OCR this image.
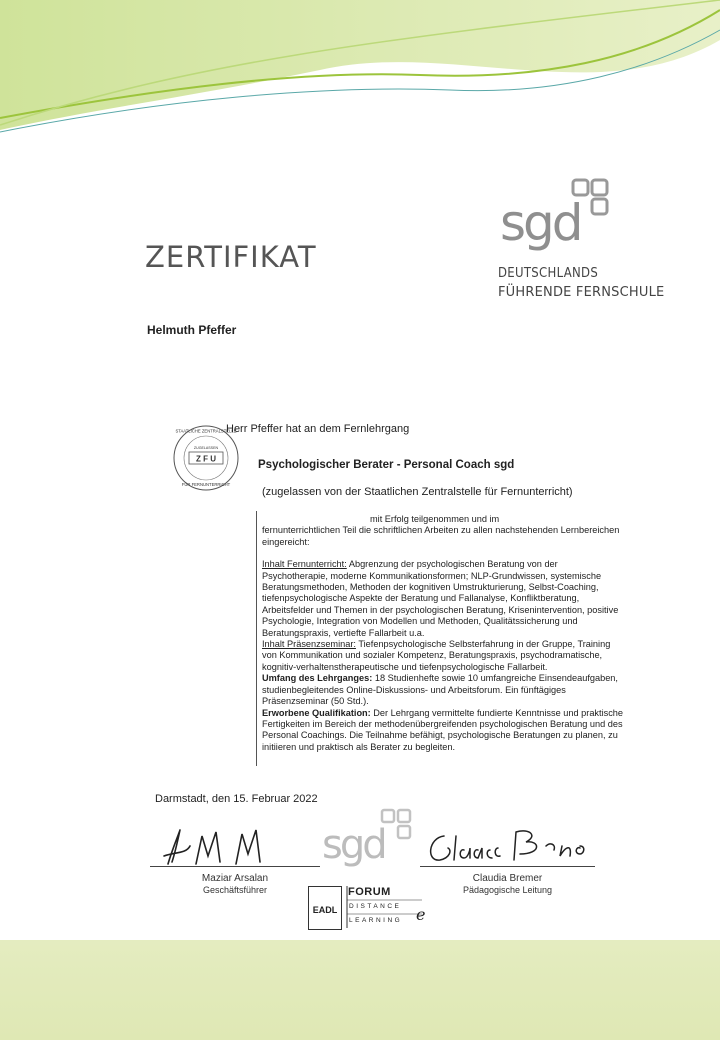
ZERTIFIKAT
sgd
DEUTSCHLANDS
FÜHRENDE FERNSCHULE
Helmuth Pfeffer
ZUGELASSEN
Z F U
STAATLICHE ZENTRALSTELLE
FÜR FERNUNTERRICHT
Herr Pfeffer hat an dem Fernlehrgang
Psychologischer Berater - Personal Coach sgd
(zugelassen von der Staatlichen Zentralstelle für Fernunterricht)
mit Erfolg teilgenommen und im

fernunterrichtlichen Teil die schriftlichen Arbeiten zu allen nachstehenden Lernbereichen eingereicht:

Inhalt Fernunterricht: Abgrenzung der psychologischen Beratung von der Psychotherapie, moderne Kommunikationsformen; NLP-Grundwissen, systemische Beratungsmethoden, Methoden der kognitiven Umstrukturierung, Selbst-Coaching, tiefenpsychologische Aspekte der Beratung und Fallanalyse, Konfliktberatung, Arbeitsfelder und Themen in der psychologischen Beratung, Krisenintervention, positive Psychologie, Integration von Modellen und Methoden, Qualitätssicherung und Beratungspraxis, vertiefte Fallarbeit u.a.

Inhalt Präsenzseminar: Tiefenpsychologische Selbsterfahrung in der Gruppe, Training von Kommunikation und sozialer Kompetenz, Beratungspraxis, psychodramatische, kognitiv-verhaltenstherapeutische und tiefenpsychologische Fallarbeit.

Umfang des Lehrganges: 18 Studienhefte sowie 10 umfangreiche Einsendeaufgaben, studienbegleitendes Online-Diskussions- und Arbeitsforum. Ein fünftägiges Präsenzseminar (50 Std.).

Erworbene Qualifikation: Der Lehrgang vermittelte fundierte Kenntnisse und praktische Fertigkeiten im Bereich der methodenübergreifenden psychologischen Beratung und des Personal Coachings. Die Teilnahme befähigt, psychologische Beratungen zu planen, zu initiieren und praktisch als Berater zu begleiten.

Darmstadt, den 15. Februar 2022
Maziar Arsalan
Geschäftsführer
Claudia Bremer
Pädagogische Leitung
sgd
EADL	e
FORUM
DISTANCE
LEARNING
